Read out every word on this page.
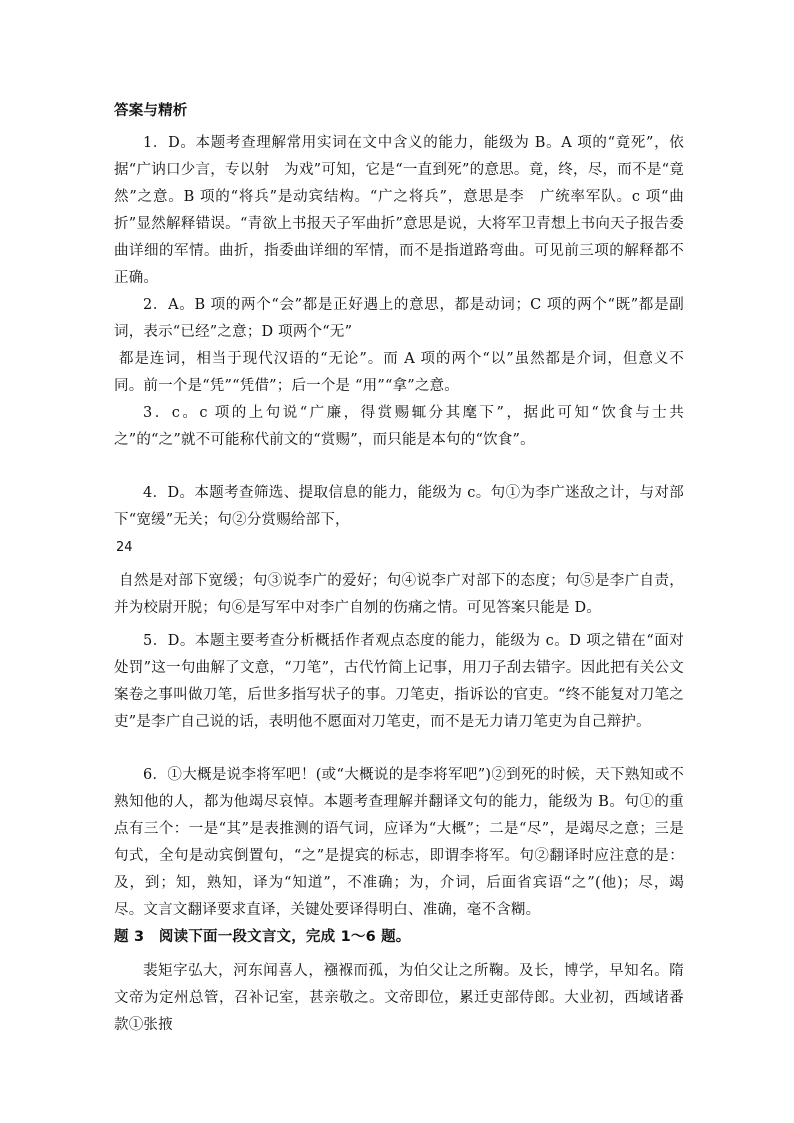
答案与精析
1．D。本题考查理解常用实词在文中含义的能力，能级为 B。A 项的“竟死”，依据“广讷口少言，专以射　为戏”可知，它是“一直到死”的意思。竟，终，尽，而不是“竟然”之意。B 项的“将兵”是动宾结构。“广之将兵”，意思是李　广统率军队。c 项“曲折”显然解释错误。“青欲上书报天子军曲折”意思是说，大将军卫青想上书向天子报告委曲详细的军情。曲折，指委曲详细的军情，而不是指道路弯曲。可见前三项的解释都不正确。
2．A。B 项的两个“会”都是正好遇上的意思，都是动词；C 项的两个“既”都是副词，表示“已经”之意；D 项两个“无”
都是连词，相当于现代汉语的“无论”。而 A 项的两个“以”虽然都是介词，但意义不同。前一个是“凭”“凭借”；后一个是 “用”“拿”之意。
3．c。c 项的上句说“广廉，得赏赐辄分其麾下”，据此可知“饮食与士共之”的“之”就不可能称代前文的“赏赐”，而只能是本句的“饮食”。
4．D。本题考查筛选、提取信息的能力，能级为 c。句①为李广迷敌之计，与对部下“宽缓”无关；句②分赏赐给部下，
24
自然是对部下宽缓；句③说李广的爱好；句④说李广对部下的态度；句⑤是李广自责，并为校尉开脱；句⑥是写军中对李广自刎的伤痛之情。可见答案只能是 D。
5．D。本题主要考查分析概括作者观点态度的能力，能级为 c。D 项之错在“面对处罚”这一句曲解了文意，“刀笔”，古代竹简上记事，用刀子刮去错字。因此把有关公文案卷之事叫做刀笔，后世多指写状子的事。刀笔吏，指诉讼的官吏。“终不能复对刀笔之吏”是李广自己说的话，表明他不愿面对刀笔吏，而不是无力请刀笔吏为自己辩护。
6．①大概是说李将军吧！(或“大概说的是李将军吧”)②到死的时候，天下熟知或不熟知他的人，都为他竭尽哀悼。本题考查理解并翻译文句的能力，能级为 B。句①的重点有三个：一是“其”是表推测的语气词，应译为“大概”；二是“尽”，是竭尽之意；三是句式，全句是动宾倒置句，“之”是提宾的标志，即谓李将军。句②翻译时应注意的是：及，到；知，熟知，译为“知道”，不准确；为，介词，后面省宾语“之”(他)；尽，竭尽。文言文翻译要求直译，关键处要译得明白、准确，毫不含糊。
题 3　阅读下面一段文言文，完成 1～6 题。
裴矩字弘大，河东闻喜人，襁褓而孤，为伯父让之所鞠。及长，博学，早知名。隋文帝为定州总管，召补记室，甚亲敬之。文帝即位，累迁吏部侍郎。大业初，西域诸番款①张掖
